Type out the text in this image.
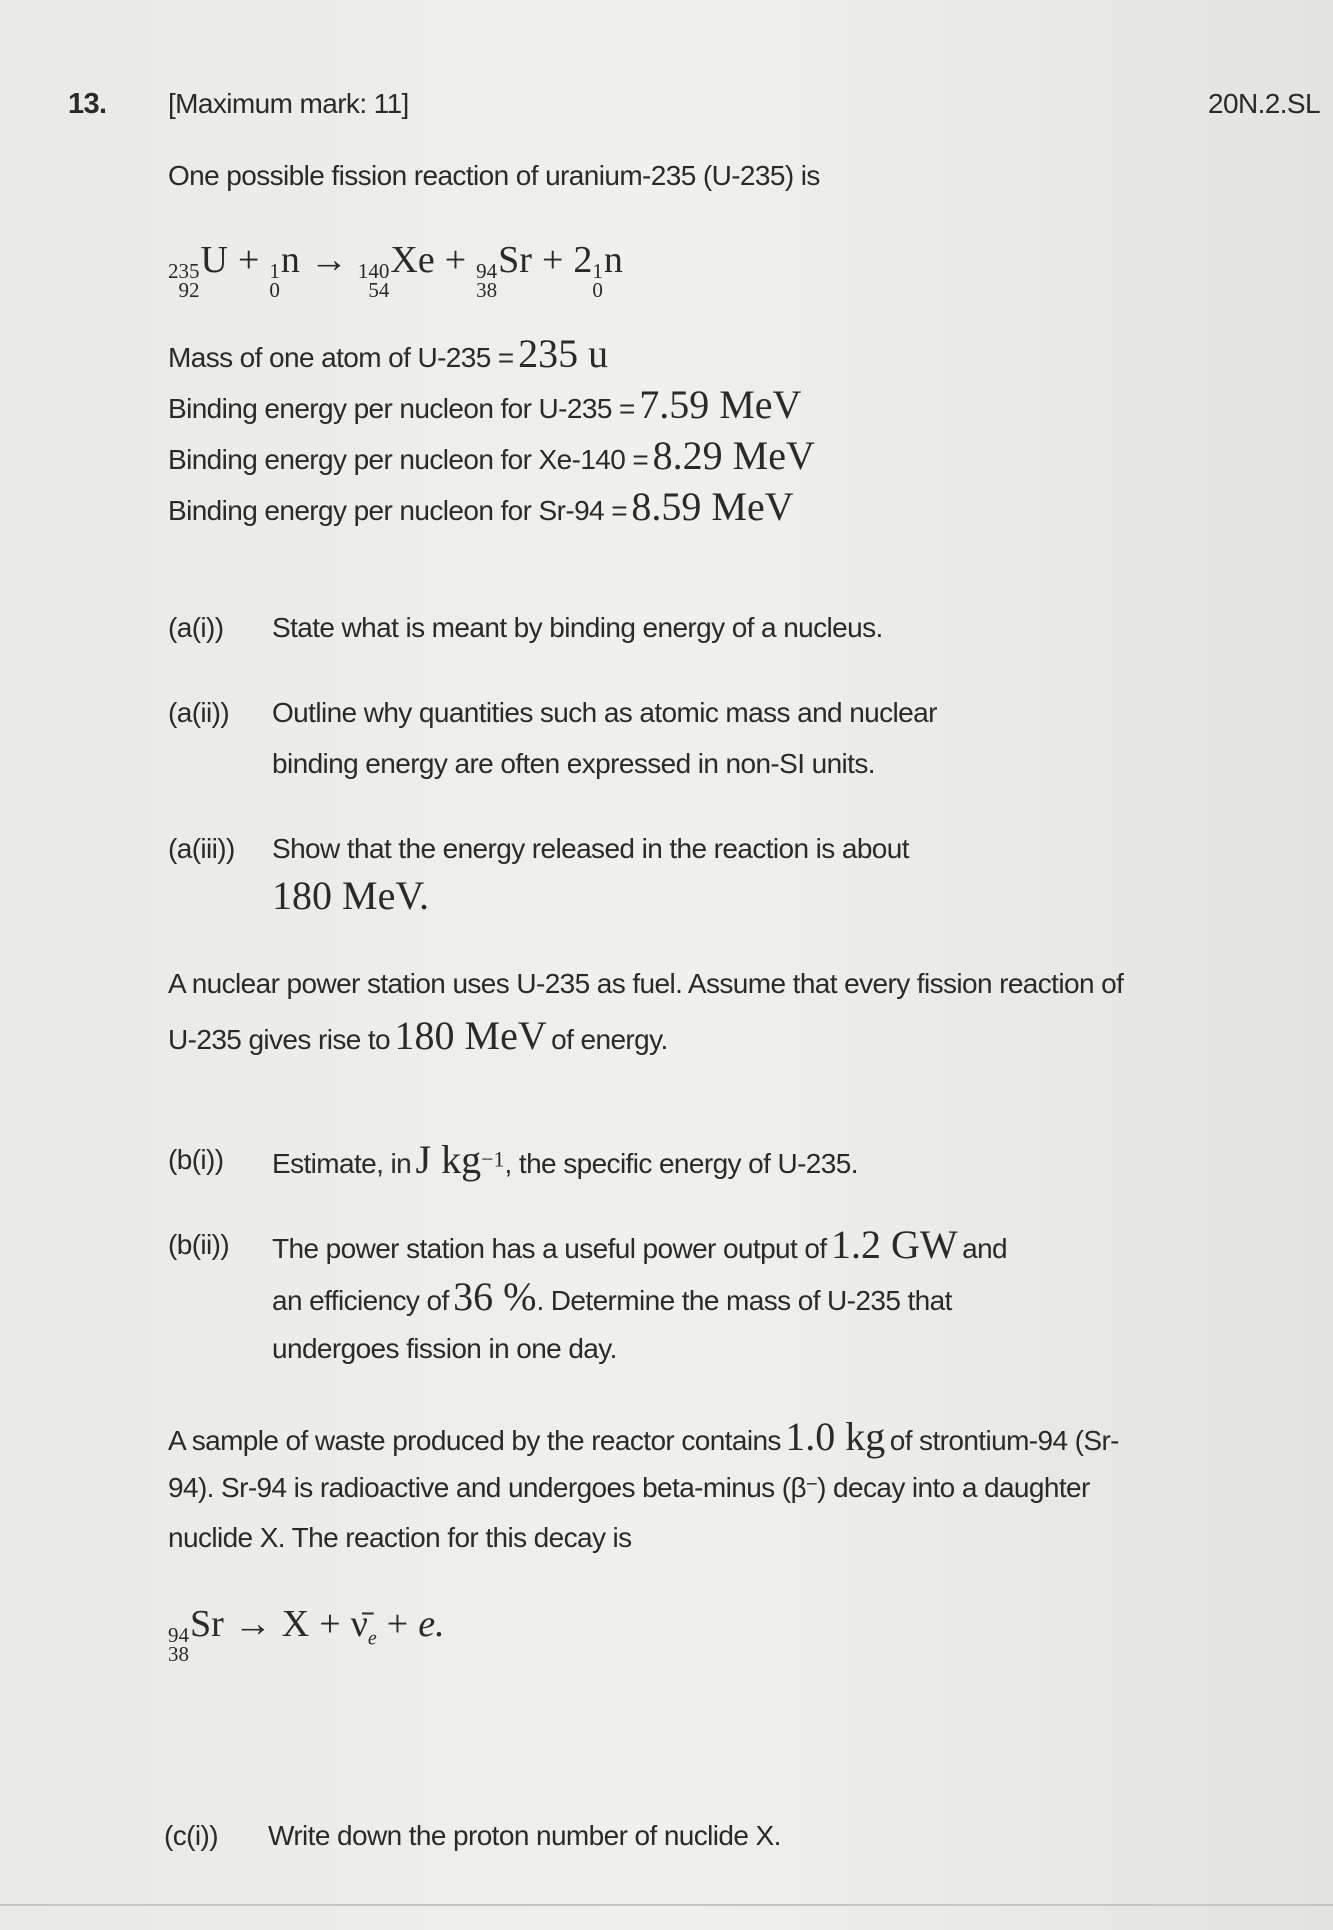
13. [Maximum mark: 11]	20N.2.SL
One possible fission reaction of uranium-235 (U-235) is
235
92
U + 1
0
n → 140
54
Xe + 94
38
Sr + 2 1
0
n
Mass of one atom of U-235 = 235 u
Binding energy per nucleon for U-235 = 7.59 MeV
Binding energy per nucleon for Xe-140 = 8.29 MeV
Binding energy per nucleon for Sr-94 = 8.59 MeV
(a(i)) State what is meant by binding energy of a nucleus.
(a(ii)) Outline why quantities such as atomic mass and nuclear
binding energy are often expressed in non-SI units.
(a(iii)) Show that the energy released in the reaction is about
180 MeV.
A nuclear power station uses U-235 as fuel. Assume that every fission reaction of
U-235 gives rise to 180 MeV of energy.
(b(i)) Estimate, in J $kg^{-1}$, the specific energy of U-235.
(b(ii)) The power station has a useful power output of 1.2 GW and
an efficiency of 36 %. Determine the mass of U-235 that
undergoes fission in one day.
A sample of waste produced by the reactor contains 1.0 kg of strontium-94 (Sr-
94). Sr-94 is radioactive and undergoes beta-minus (β−) decay into a daughter
nuclide X. The reaction for this decay is
94
38
$Sr \to X + \nū_e + e$.
(c(i)) Write down the proton number of nuclide X.
